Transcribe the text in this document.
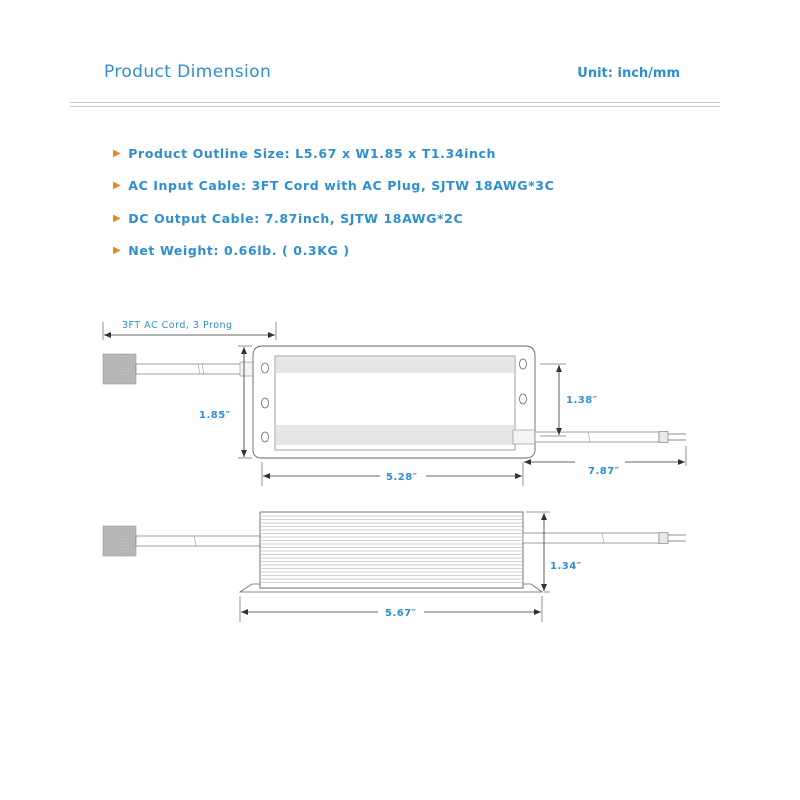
Product Dimension	Unit: inch/mm
▶ Product Outline Size: L5.67 x W1.85 x T1.34inch
▶ AC Input Cable: 3FT Cord with AC Plug, SJTW 18AWG*3C
▶ DC Output Cable: 7.87inch, SJTW 18AWG*2C
▶ Net Weight: 0.66lb. ( 0.3KG )
3FT AC Cord, 3 Prong
1.85″
1.38″
5.28″
7.87″
1.34″
5.67″
